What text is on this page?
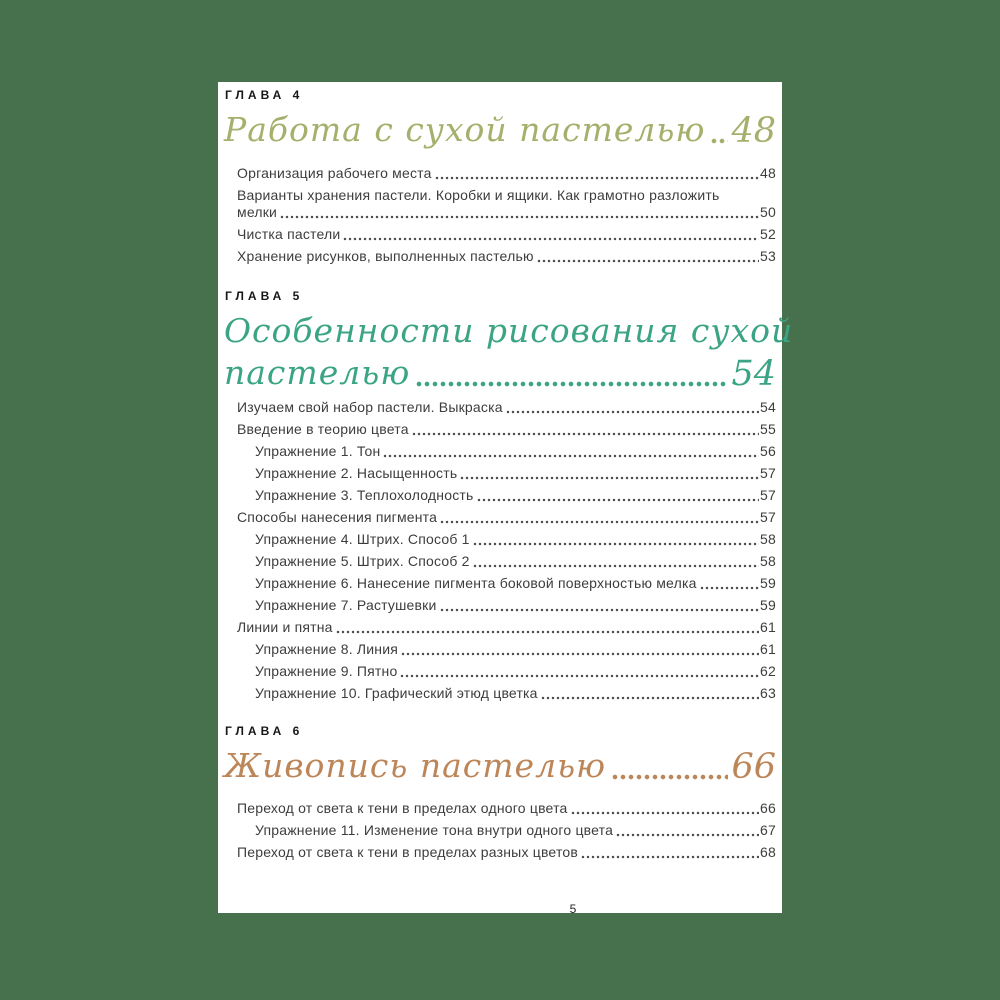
5
ГЛАВА 4
Работа с сухой пастелью 48
Организация рабочего места	48
Варианты хранения пастели. Коробки и ящики. Как грамотно разложить
мелки	50
Чистка пастели	52
Хранение рисунков, выполненных пастелью	53
ГЛАВА 5
Особенности рисования сухой
пастелью	54
Изучаем свой набор пастели. Выкраска	54
Введение в теорию цвета	55
Упражнение 1. Тон	56
Упражнение 2. Насыщенность	57
Упражнение 3. Теплохолодность	57
Способы нанесения пигмента	57
Упражнение 4. Штрих. Способ 1	58
Упражнение 5. Штрих. Способ 2	58
Упражнение 6. Нанесение пигмента боковой поверхностью мелка	59
Упражнение 7. Растушевки	59
Линии и пятна	61
Упражнение 8. Линия	61
Упражнение 9. Пятно	62
Упражнение 10. Графический этюд цветка	63
ГЛАВА 6
Живопись пастелью	66
Переход от света к тени в пределах одного цвета	66
Упражнение 11. Изменение тона внутри одного цвета	67
Переход от света к тени в пределах разных цветов	68
